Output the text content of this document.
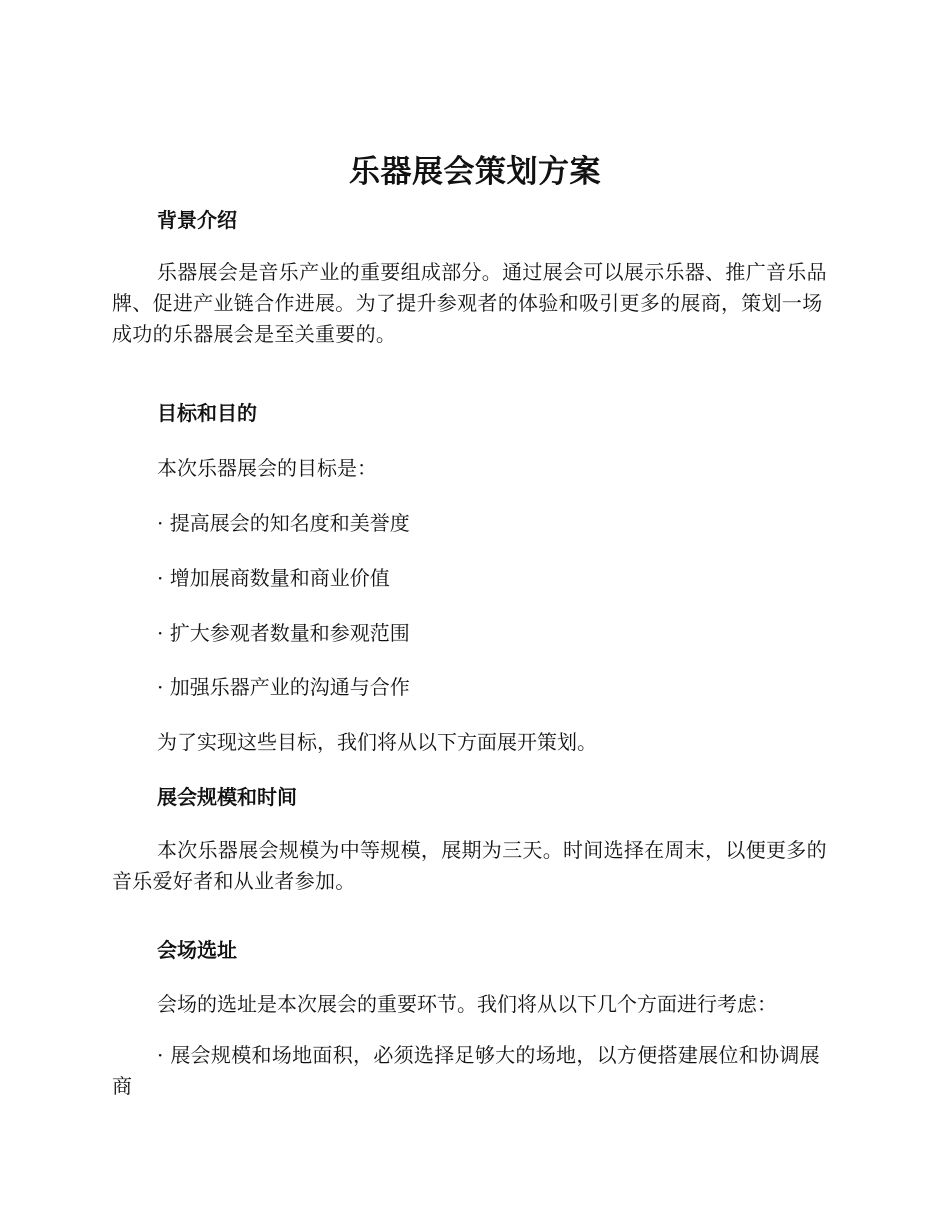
乐器展会策划方案
背景介绍
乐器展会是音乐产业的重要组成部分。通过展会可以展示乐器、推广音乐品牌、促进产业链合作进展。为了提升参观者的体验和吸引更多的展商，策划一场成功的乐器展会是至关重要的。
目标和目的
本次乐器展会的目标是：
· 提高展会的知名度和美誉度
· 增加展商数量和商业价值
· 扩大参观者数量和参观范围
· 加强乐器产业的沟通与合作
为了实现这些目标，我们将从以下方面展开策划。
展会规模和时间
本次乐器展会规模为中等规模，展期为三天。时间选择在周末，以便更多的音乐爱好者和从业者参加。
会场选址
会场的选址是本次展会的重要环节。我们将从以下几个方面进行考虑：
· 展会规模和场地面积，必须选择足够大的场地，以方便搭建展位和协调展商
